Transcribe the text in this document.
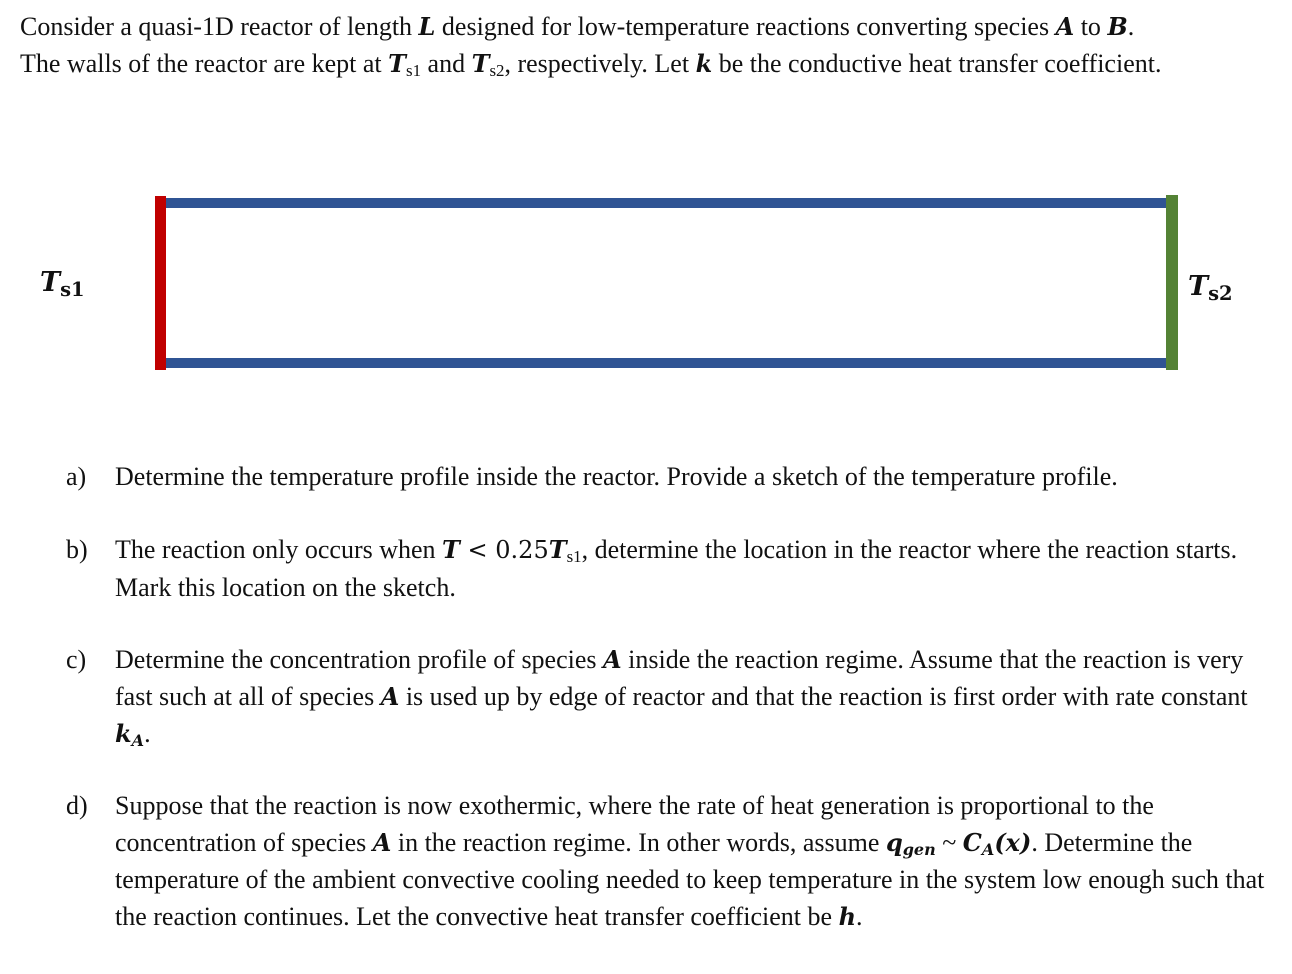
Consider a quasi-1D reactor of length L designed for low-temperature reactions converting species A to B.
The walls of the reactor are kept at $T_{s1}$ and $T_{s2}$, respectively. Let k be the conductive heat transfer coefficient.

$T_{s1}$	$T_{s2}$
a) Determine the temperature profile inside the reactor. Provide a sketch of the temperature profile.
b) The reaction only occurs when $T < 0.25T_{s1}$, determine the location in the reactor where the reaction starts. Mark this location on the sketch.
c) Determine the concentration profile of species A inside the reaction regime. Assume that the reaction is very fast such at all of species A is used up by edge of reactor and that the reaction is first order with rate constant $k_A$.
d) Suppose that the reaction is now exothermic, where the rate of heat generation is proportional to the concentration of species A in the reaction regime. In other words, assume $q_{gen}$ ~ $C_A(x)$. Determine the temperature of the ambient convective cooling needed to keep temperature in the system low enough such that the reaction continues. Let the convective heat transfer coefficient be h.
